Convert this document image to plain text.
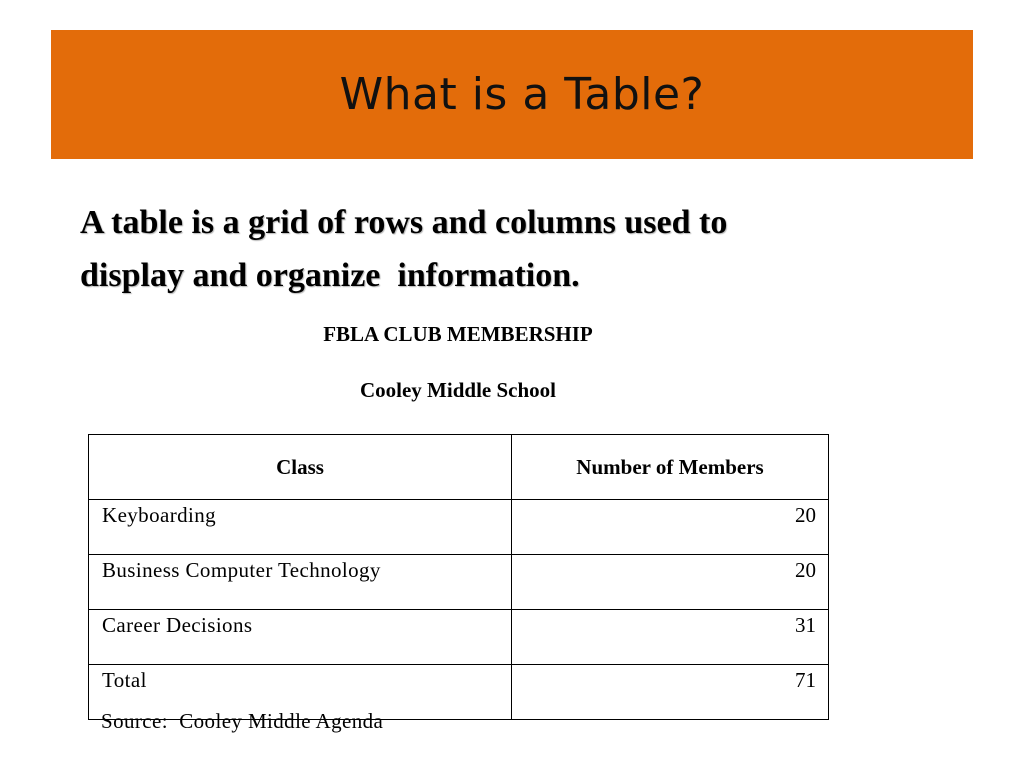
What is a Table?
A table is a grid of rows and columns used to
display and organize  information.
FBLA CLUB MEMBERSHIP
Cooley Middle School
Class	Number of Members
Keyboarding	20
Business Computer Technology	20
Career Decisions	31
Total	71
Source:  Cooley Middle Agenda
